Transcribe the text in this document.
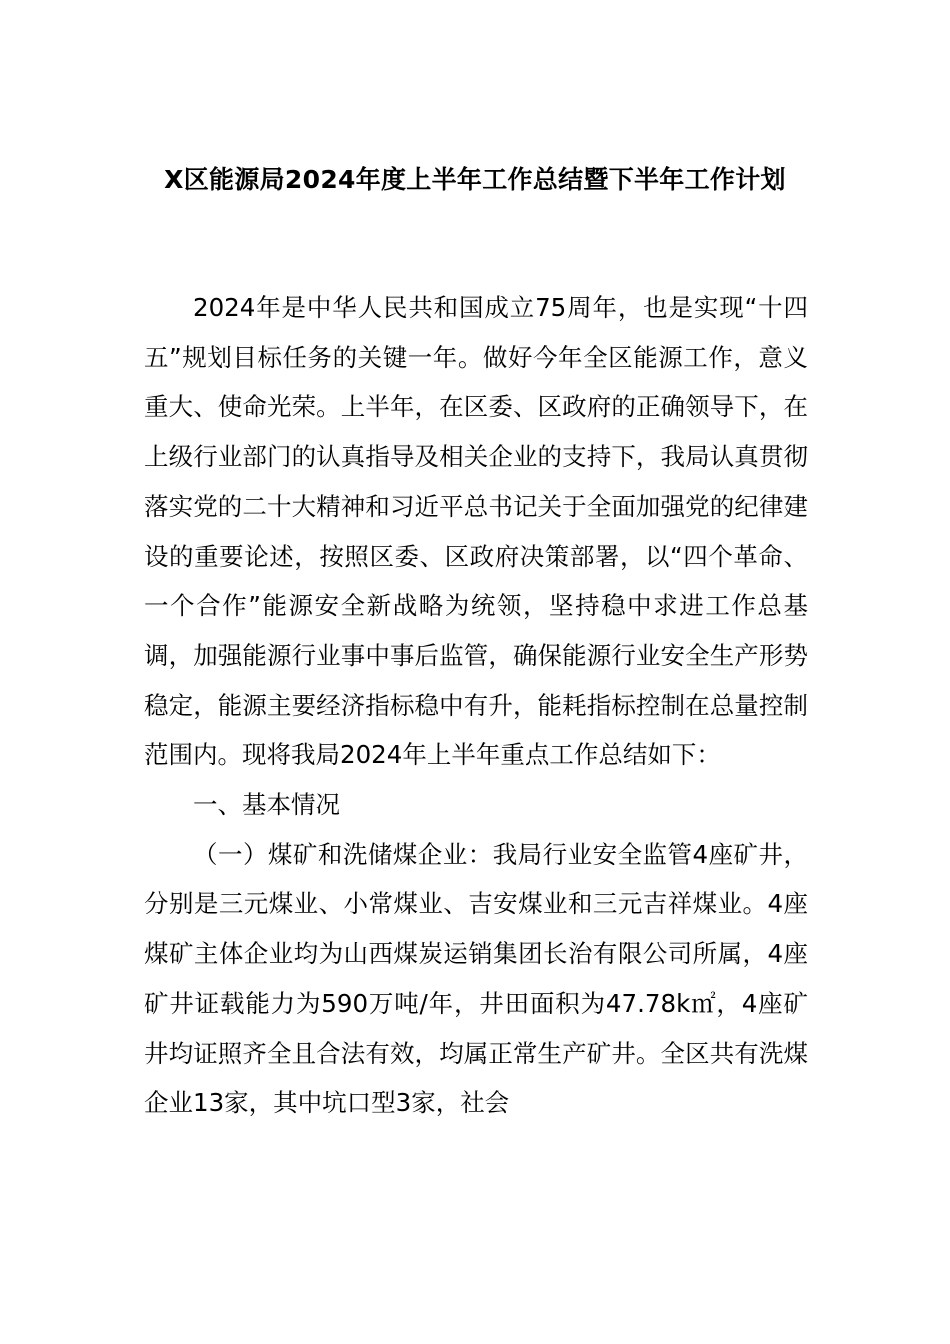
X区能源局2024年度上半年工作总结暨下半年工作计划

2024年是中华人民共和国成立75周年，也是实现“十四五”规划目标任务的关键一年。做好今年全区能源工作，意义重大、使命光荣。上半年，在区委、区政府的正确领导下，在上级行业部门的认真指导及相关企业的支持下，我局认真贯彻落实党的二十大精神和习近平总书记关于全面加强党的纪律建设的重要论述，按照区委、区政府决策部署，以“四个革命、一个合作”能源安全新战略为统领，坚持稳中求进工作总基调，加强能源行业事中事后监管，确保能源行业安全生产形势稳定，能源主要经济指标稳中有升，能耗指标控制在总量控制范围内。现将我局2024年上半年重点工作总结如下：

一、基本情况

（一）煤矿和洗储煤企业：我局行业安全监管4座矿井，分别是三元煤业、小常煤业、吉安煤业和三元吉祥煤业。4座煤矿主体企业均为山西煤炭运销集团长治有限公司所属，4座矿井证载能力为590万吨/年，井田面积为47.78k㎡，4座矿井均证照齐全且合法有效，均属正常生产矿井。全区共有洗煤企业13家，其中坑口型3家，社会
